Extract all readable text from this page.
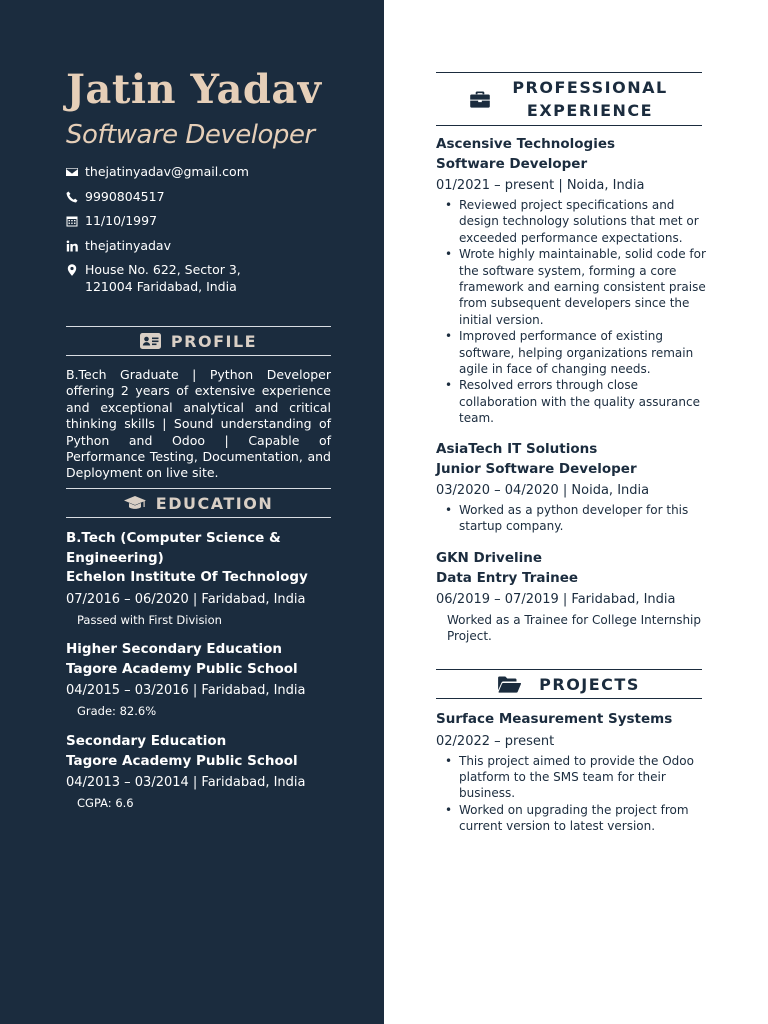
Jatin Yadav
Software Developer
thejatinyadav@gmail.com
9990804517
11/10/1997
thejatinyadav
House No. 622, Sector 3,
121004 Faridabad, India
PROFILE
B.Tech Graduate | Python Developer offering 2 years of extensive experience and exceptional analytical and critical thinking skills | Sound understanding of Python and Odoo | Capable of Performance Testing, Documentation, and Deployment on live site.
EDUCATION
B.Tech (Computer Science &
Engineering)
Echelon Institute Of Technology
07/2016 – 06/2020 | Faridabad, India
Passed with First Division
Higher Secondary Education
Tagore Academy Public School
04/2015 – 03/2016 | Faridabad, India
Grade: 82.6%
Secondary Education
Tagore Academy Public School
04/2013 – 03/2014 | Faridabad, India
CGPA: 6.6
PROFESSIONAL
EXPERIENCE
Ascensive Technologies
Software Developer
01/2021 – present | Noida, India
• Reviewed project specifications and design technology solutions that met or exceeded performance expectations.
• Wrote highly maintainable, solid code for the software system, forming a core framework and earning consistent praise from subsequent developers since the initial version.
• Improved performance of existing software, helping organizations remain agile in face of changing needs.
• Resolved errors through close collaboration with the quality assurance team.
AsiaTech IT Solutions
Junior Software Developer
03/2020 – 04/2020 | Noida, India
• Worked as a python developer for this startup company.
GKN Driveline
Data Entry Trainee
06/2019 – 07/2019 | Faridabad, India
Worked as a Trainee for College Internship Project.
PROJECTS
Surface Measurement Systems
02/2022 – present
• This project aimed to provide the Odoo platform to the SMS team for their business.
• Worked on upgrading the project from current version to latest version.
